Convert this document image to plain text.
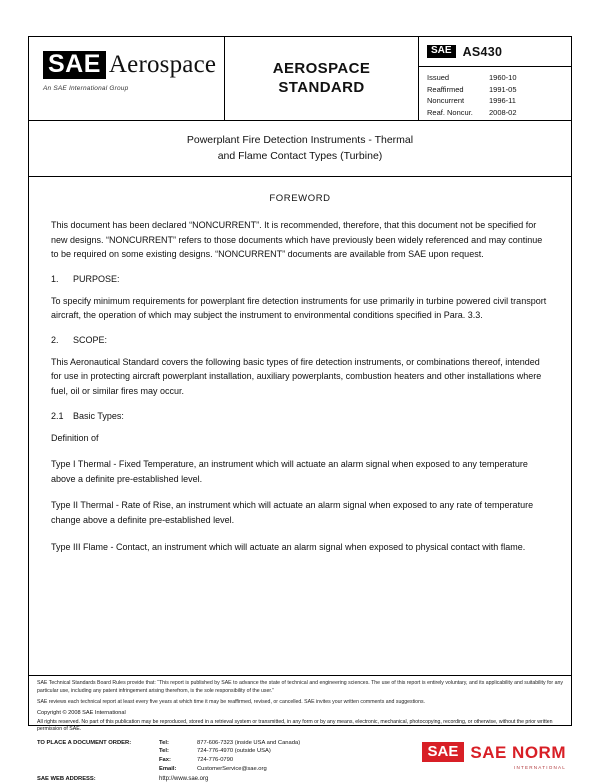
SAE Aerospace
An SAE International Group
AEROSPACE
STANDARD
SAE AS430
Issued	1960-10
Reaffirmed	1991-05
Noncurrent	1996-11
Reaf. Noncur.	2008-02
Powerplant Fire Detection Instruments - Thermal
and Flame Contact Types (Turbine)
FOREWORD

This document has been declared “NONCURRENT”. It is recommended, therefore, that this document not be specified for new designs. “NONCURRENT” refers to those documents which have previously been widely referenced and may continue to be required on some existing designs. “NONCURRENT” documents are available from SAE upon request.

1.	PURPOSE:

To specify minimum requirements for powerplant fire detection instruments for use primarily in turbine powered civil transport aircraft, the operation of which may subject the instrument to environmental conditions specified in Para. 3.3.

2.	SCOPE:

This Aeronautical Standard covers the following basic types of fire detection instruments, or combinations thereof, intended for use in protecting aircraft powerplant installation, auxiliary powerplants, combustion heaters and other installations where fuel, oil or similar fires may occur.

2.1	Basic Types:

Definition of

Type I Thermal - Fixed Temperature, an instrument which will actuate an alarm signal when exposed to any temperature above a definite pre-established level.

Type II Thermal - Rate of Rise, an instrument which will actuate an alarm signal when exposed to any rate of temperature change above a definite pre-established level.

Type III Flame - Contact, an instrument which will actuate an alarm signal when exposed to physical contact with flame.

SAE Technical Standards Board Rules provide that: “This report is published by SAE to advance the state of technical and engineering sciences. The use of this report is entirely voluntary, and its applicability and suitability for any particular use, including any patent infringement arising therefrom, is the sole responsibility of the user.”

SAE reviews each technical report at least every five years at which time it may be reaffirmed, revised, or cancelled. SAE invites your written comments and suggestions.

Copyright © 2008 SAE International

All rights reserved. No part of this publication may be reproduced, stored in a retrieval system or transmitted, in any form or by any means, electronic, mechanical, photocopying, recording, or otherwise, without the prior written permission of SAE.

TO PLACE A DOCUMENT ORDER:	Tel:	877-606-7323 (inside USA and Canada)
Tel:	724-776-4970 (outside USA)
Fax:	724-776-0790
Email:	CustomerService@sae.org
SAE WEB ADDRESS:	http://www.sae.org
SAE SAE NORM
INTERNATIONAL
